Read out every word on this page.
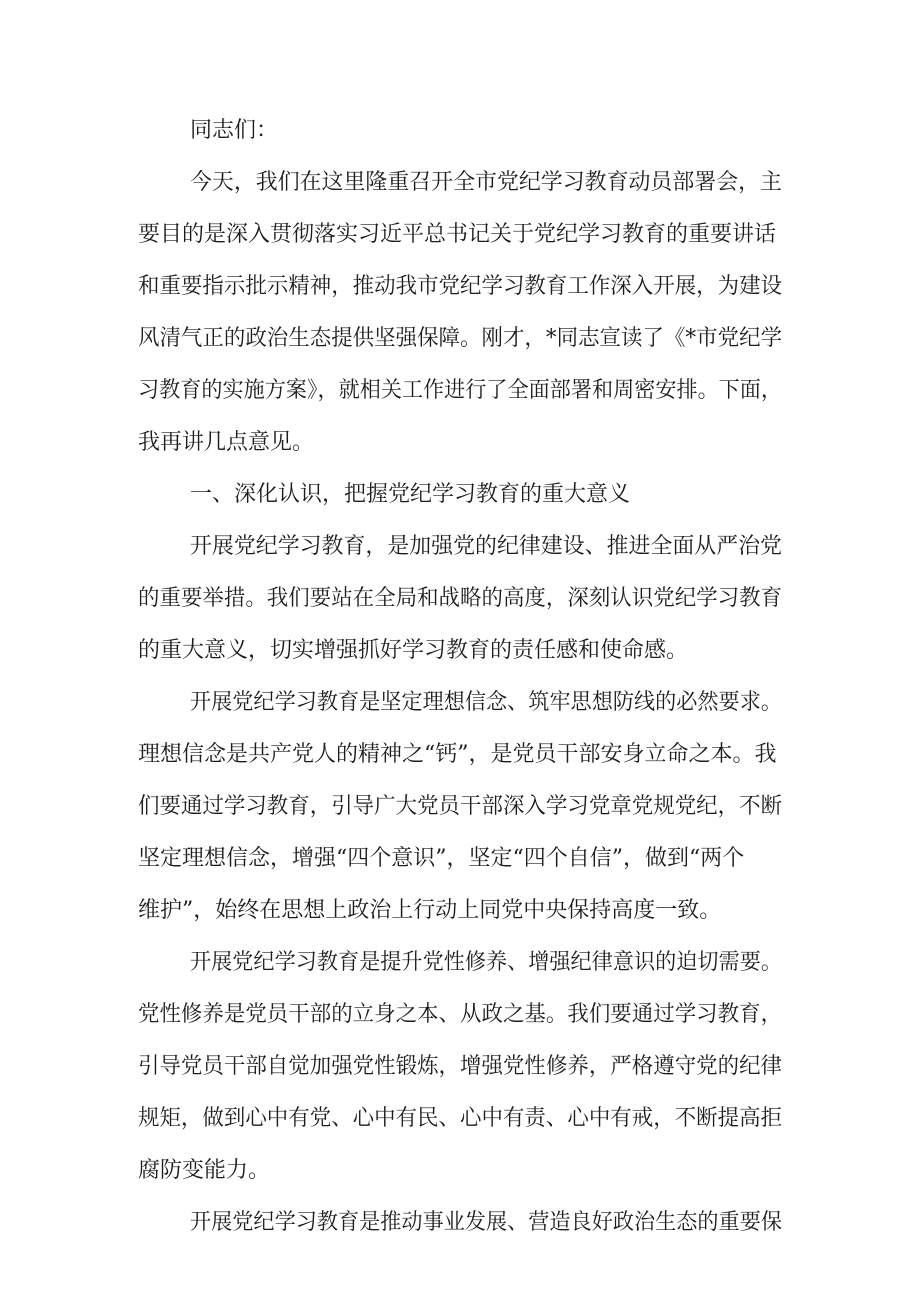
同志们：
今天，我们在这里隆重召开全市党纪学习教育动员部署会，主
要目的是深入贯彻落实习近平总书记关于党纪学习教育的重要讲话
和重要指示批示精神，推动我市党纪学习教育工作深入开展，为建设
风清气正的政治生态提供坚强保障。刚才，*同志宣读了《*市党纪学
习教育的实施方案》，就相关工作进行了全面部署和周密安排。下面，
我再讲几点意见。
一、深化认识，把握党纪学习教育的重大意义
开展党纪学习教育，是加强党的纪律建设、推进全面从严治党
的重要举措。我们要站在全局和战略的高度，深刻认识党纪学习教育
的重大意义，切实增强抓好学习教育的责任感和使命感。
开展党纪学习教育是坚定理想信念、筑牢思想防线的必然要求。
理想信念是共产党人的精神之“钙”，是党员干部安身立命之本。我
们要通过学习教育，引导广大党员干部深入学习党章党规党纪，不断
坚定理想信念，增强“四个意识”，坚定“四个自信”，做到“两个
维护”，始终在思想上政治上行动上同党中央保持高度一致。
开展党纪学习教育是提升党性修养、增强纪律意识的迫切需要。
党性修养是党员干部的立身之本、从政之基。我们要通过学习教育，
引导党员干部自觉加强党性锻炼，增强党性修养，严格遵守党的纪律
规矩，做到心中有党、心中有民、心中有责、心中有戒，不断提高拒
腐防变能力。
开展党纪学习教育是推动事业发展、营造良好政治生态的重要保
